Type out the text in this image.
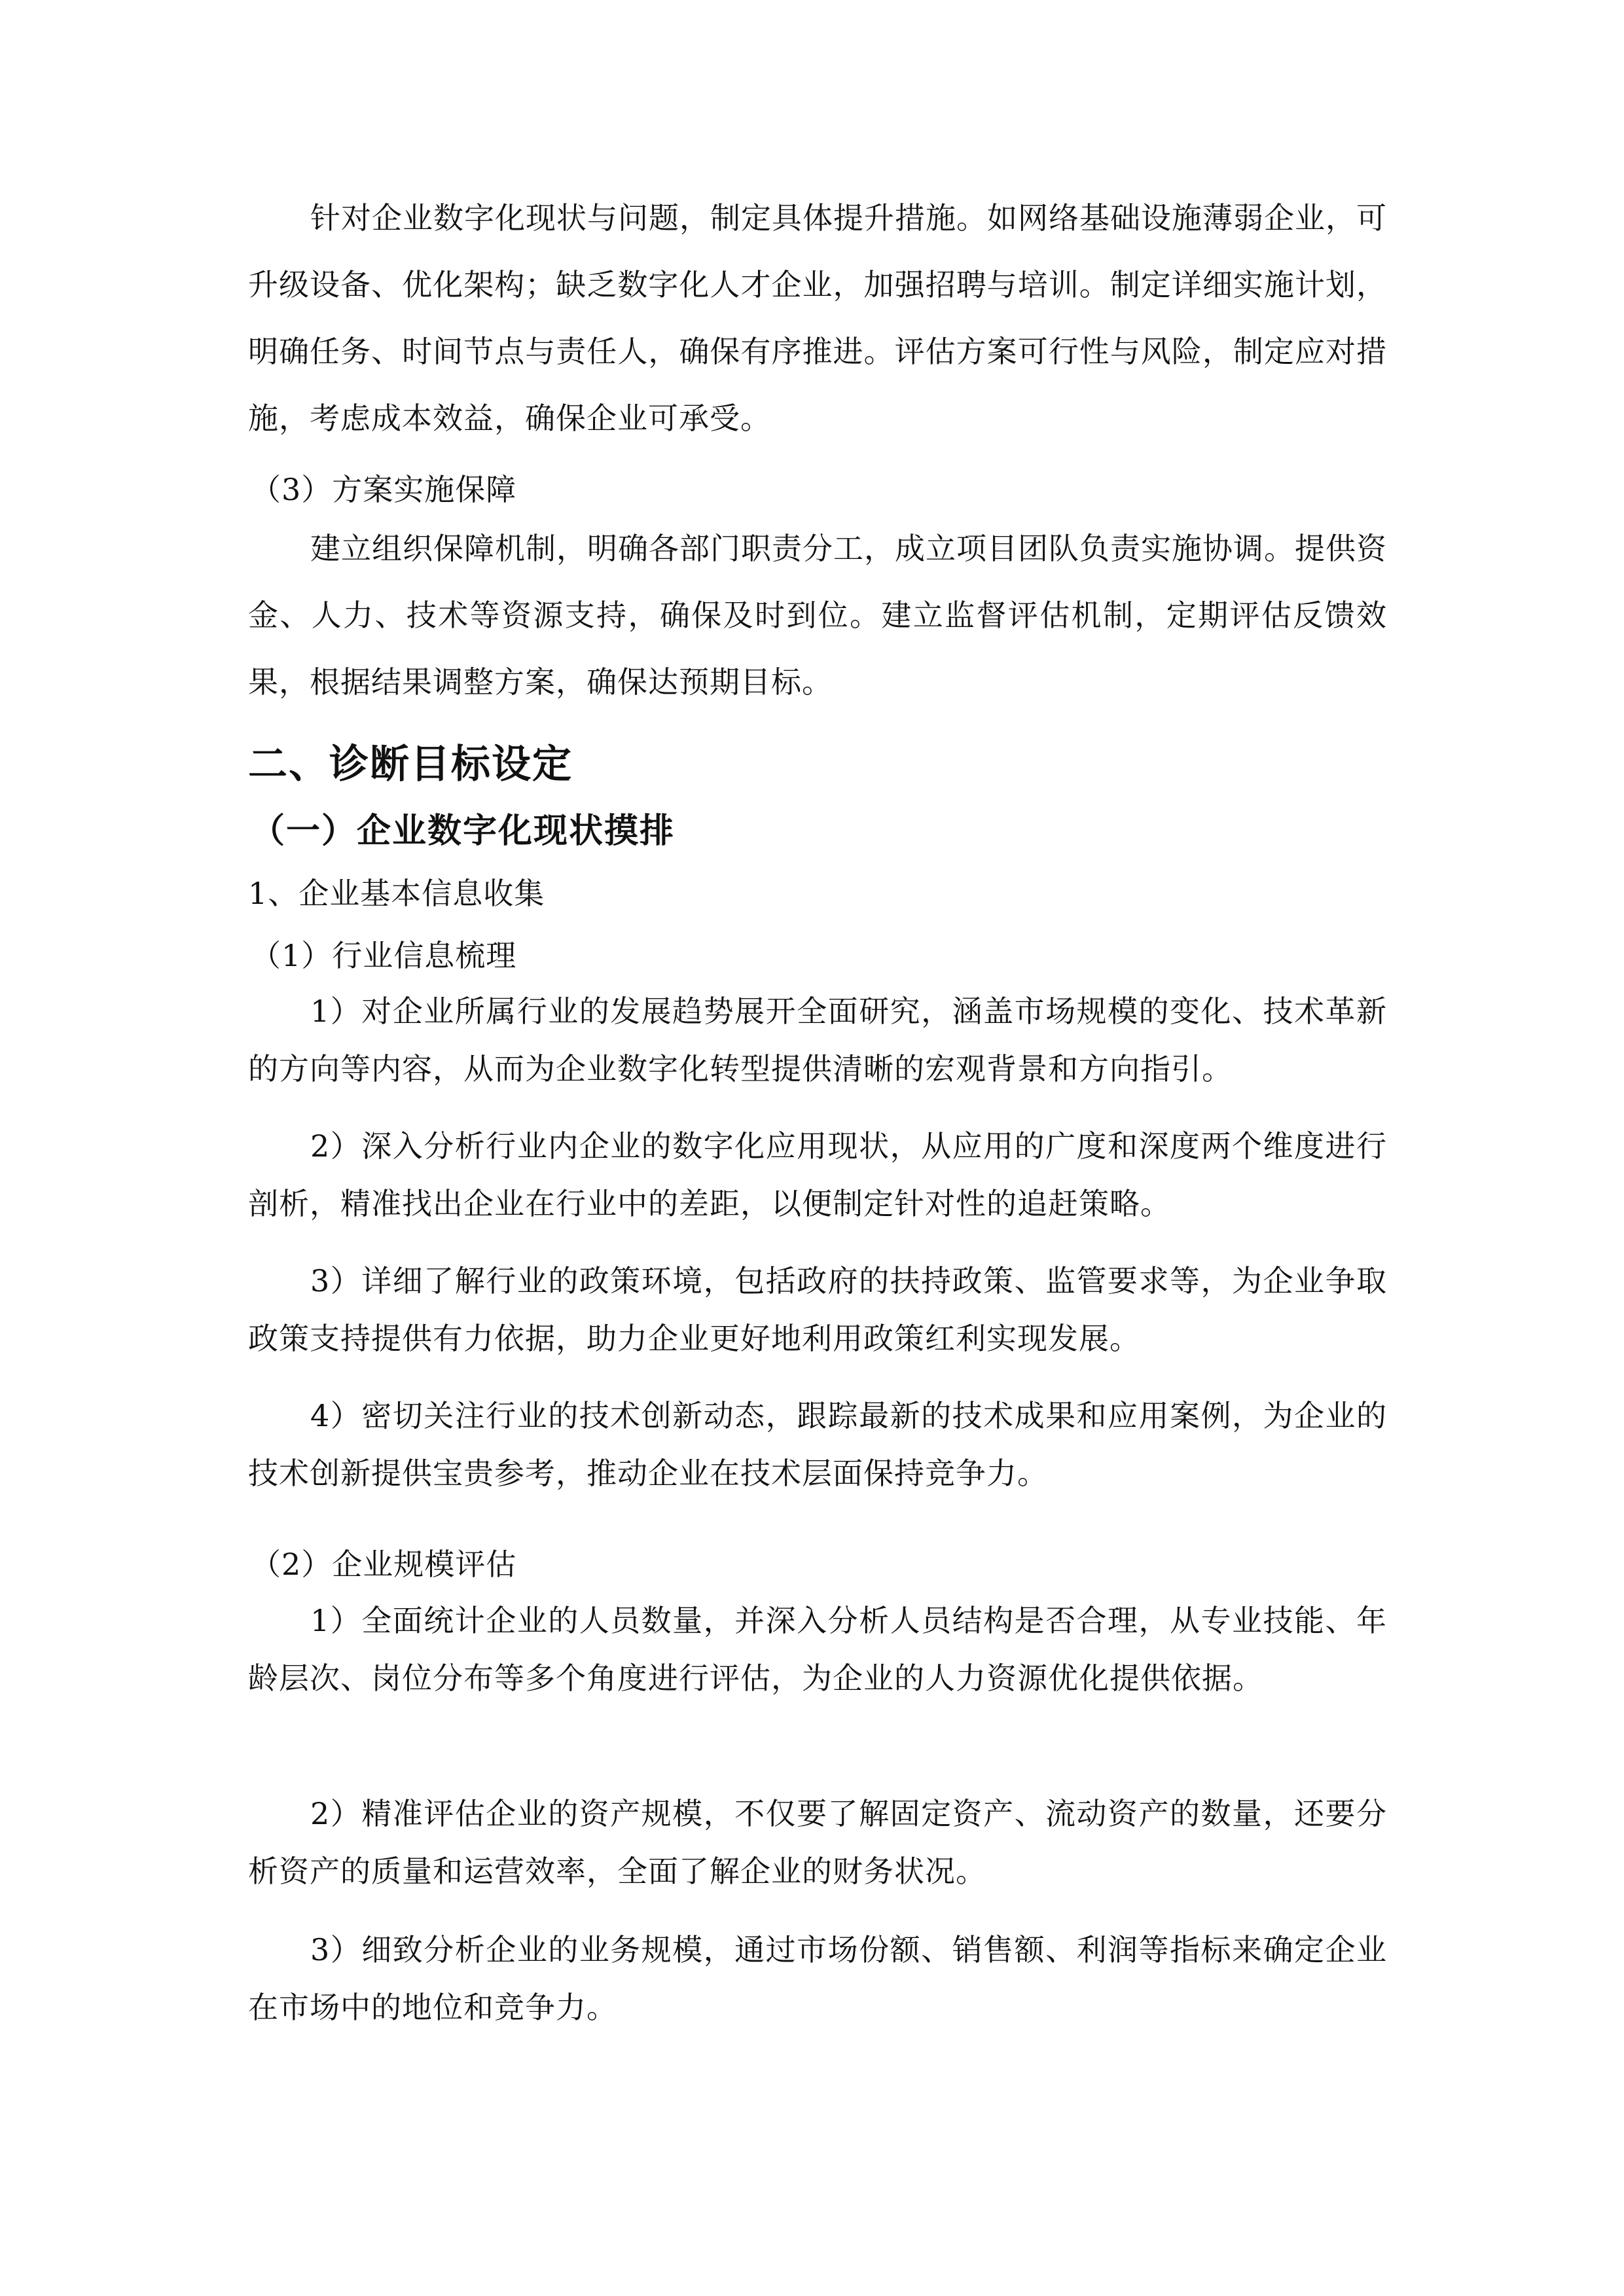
针对企业数字化现状与问题，制定具体提升措施。如网络基础设施薄弱企业，可升级设备、优化架构；缺乏数字化人才企业，加强招聘与培训。制定详细实施计划，明确任务、时间节点与责任人，确保有序推进。评估方案可行性与风险，制定应对措施，考虑成本效益，确保企业可承受。

（3）方案实施保障

建立组织保障机制，明确各部门职责分工，成立项目团队负责实施协调。提供资金、人力、技术等资源支持，确保及时到位。建立监督评估机制，定期评估反馈效果，根据结果调整方案，确保达预期目标。

二、诊断目标设定
（一）企业数字化现状摸排
1、企业基本信息收集
（1）行业信息梳理

1）对企业所属行业的发展趋势展开全面研究，涵盖市场规模的变化、技术革新的方向等内容，从而为企业数字化转型提供清晰的宏观背景和方向指引。

2）深入分析行业内企业的数字化应用现状，从应用的广度和深度两个维度进行剖析，精准找出企业在行业中的差距，以便制定针对性的追赶策略。

3）详细了解行业的政策环境，包括政府的扶持政策、监管要求等，为企业争取政策支持提供有力依据，助力企业更好地利用政策红利实现发展。

4）密切关注行业的技术创新动态，跟踪最新的技术成果和应用案例，为企业的技术创新提供宝贵参考，推动企业在技术层面保持竞争力。

（2）企业规模评估

1）全面统计企业的人员数量，并深入分析人员结构是否合理，从专业技能、年龄层次、岗位分布等多个角度进行评估，为企业的人力资源优化提供依据。

2）精准评估企业的资产规模，不仅要了解固定资产、流动资产的数量，还要分析资产的质量和运营效率，全面了解企业的财务状况。

3）细致分析企业的业务规模，通过市场份额、销售额、利润等指标来确定企业在市场中的地位和竞争力。
